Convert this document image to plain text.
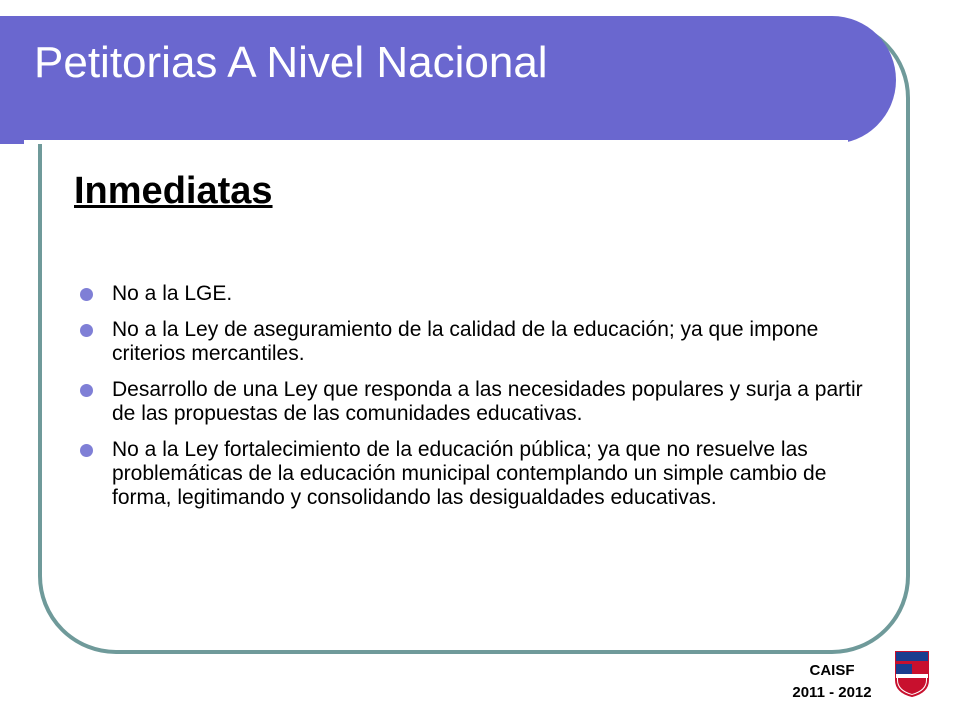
Petitorias A Nivel Nacional
Inmediatas
No a la LGE.
No a la Ley de aseguramiento de la calidad de la educación; ya que impone criterios mercantiles.
Desarrollo de una Ley que responda a las necesidades populares y surja a partir de las propuestas de las comunidades educativas.
No a la Ley fortalecimiento de la educación pública; ya que no resuelve las problemáticas de la educación municipal contemplando un simple cambio de forma, legitimando y consolidando las desigualdades educativas.
CAISF
2011 - 2012
